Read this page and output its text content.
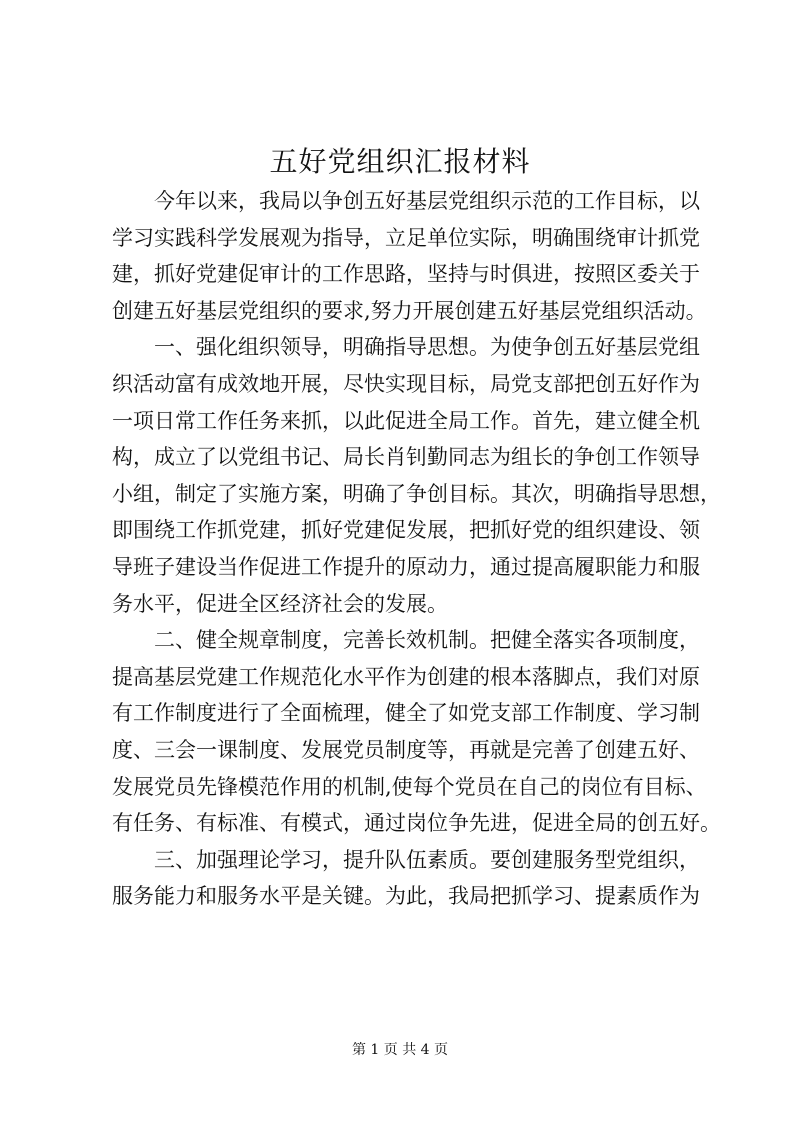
五好党组织汇报材料
今年以来，我局以争创五好基层党组织示范的工作目标，以
学习实践科学发展观为指导，立足单位实际，明确围绕审计抓党
建，抓好党建促审计的工作思路，坚持与时俱进，按照区委关于
创建五好基层党组织的要求,努力开展创建五好基层党组织活动。
一、强化组织领导，明确指导思想。为使争创五好基层党组
织活动富有成效地开展，尽快实现目标，局党支部把创五好作为
一项日常工作任务来抓，以此促进全局工作。首先，建立健全机
构，成立了以党组书记、局长肖钊勤同志为组长的争创工作领导
小组，制定了实施方案，明确了争创目标。其次，明确指导思想，
即围绕工作抓党建，抓好党建促发展，把抓好党的组织建设、领
导班子建设当作促进工作提升的原动力，通过提高履职能力和服
务水平，促进全区经济社会的发展。
二、健全规章制度，完善长效机制。把健全落实各项制度，
提高基层党建工作规范化水平作为创建的根本落脚点，我们对原
有工作制度进行了全面梳理，健全了如党支部工作制度、学习制
度、三会一课制度、发展党员制度等，再就是完善了创建五好、
发展党员先锋模范作用的机制,使每个党员在自己的岗位有目标、
有任务、有标准、有模式，通过岗位争先进，促进全局的创五好。
三、加强理论学习，提升队伍素质。要创建服务型党组织，
服务能力和服务水平是关键。为此，我局把抓学习、提素质作为
第 1 页 共 4 页
